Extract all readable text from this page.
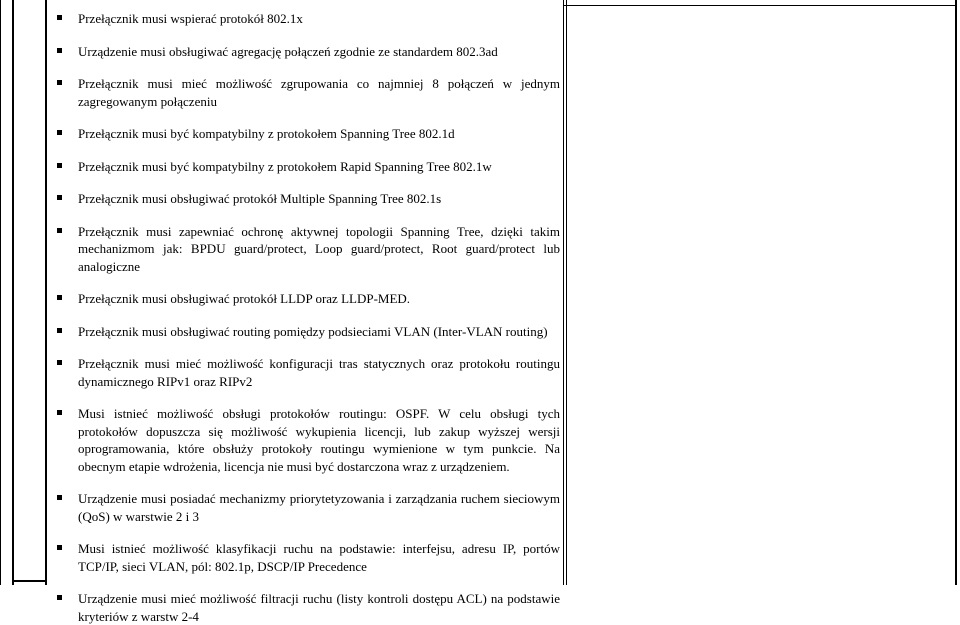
Przełącznik musi wspierać protokół 802.1x
Urządzenie musi obsługiwać agregację połączeń zgodnie ze standardem 802.3ad
Przełącznik musi mieć możliwość zgrupowania co najmniej 8 połączeń w jednym zagregowanym połączeniu
Przełącznik musi być kompatybilny z protokołem Spanning Tree 802.1d
Przełącznik musi być kompatybilny z protokołem Rapid Spanning Tree 802.1w
Przełącznik musi obsługiwać protokół Multiple Spanning Tree 802.1s
Przełącznik musi zapewniać ochronę aktywnej topologii Spanning Tree, dzięki takim mechanizmom jak: BPDU guard/protect, Loop guard/protect, Root guard/protect lub analogiczne
Przełącznik musi obsługiwać protokół LLDP oraz LLDP-MED.
Przełącznik musi obsługiwać routing pomiędzy podsieciami VLAN (Inter-VLAN routing)
Przełącznik musi mieć możliwość konfiguracji tras statycznych oraz protokołu routingu dynamicznego RIPv1 oraz RIPv2
Musi istnieć możliwość obsługi protokołów routingu: OSPF. W celu obsługi tych protokołów dopuszcza się możliwość wykupienia licencji, lub zakup wyższej wersji oprogramowania, które obsłuży protokoły routingu wymienione w tym punkcie. Na obecnym etapie wdrożenia, licencja nie musi być dostarczona wraz z urządzeniem.
Urządzenie musi posiadać mechanizmy priorytetyzowania i zarządzania ruchem sieciowym (QoS) w warstwie 2 i 3
Musi istnieć możliwość klasyfikacji ruchu na podstawie: interfejsu, adresu IP, portów TCP/IP, sieci VLAN, pól: 802.1p, DSCP/IP Precedence
Urządzenie musi mieć możliwość filtracji ruchu (listy kontroli dostępu ACL) na podstawie kryteriów z warstw 2-4
